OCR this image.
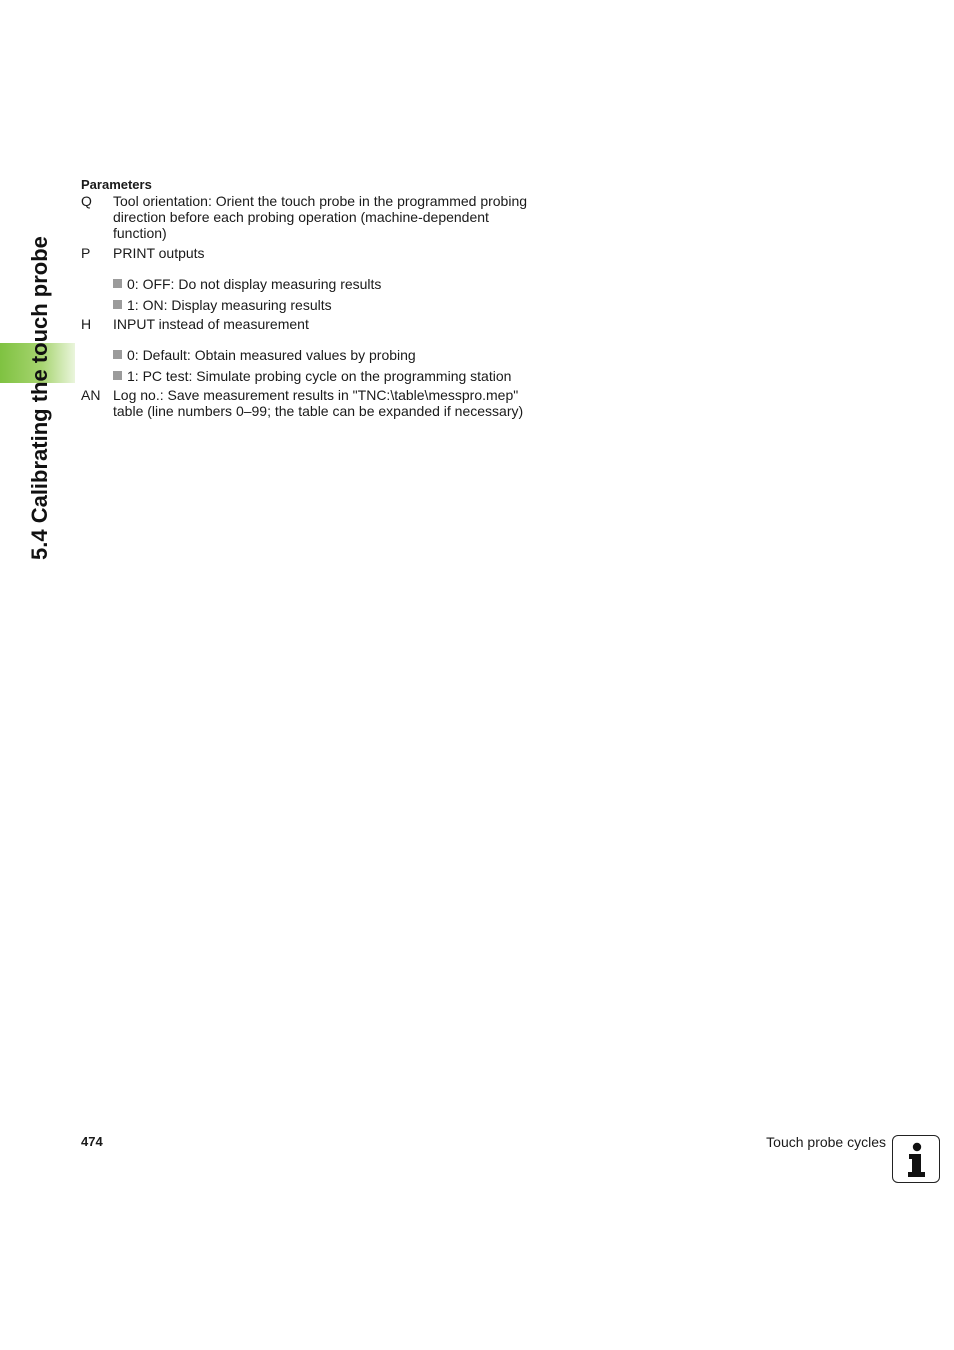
5.4 Calibrating the touch probe
Parameters
Q	Tool orientation: Orient the touch probe in the programmed probing direction before each probing operation (machine-dependent function)
P	PRINT outputs
0: OFF: Do not display measuring results
1: ON: Display measuring results
H	INPUT instead of measurement
0: Default: Obtain measured values by probing
1: PC test: Simulate probing cycle on the programming station
AN Log no.: Save measurement results in "TNC:\table\messpro.mep" table (line numbers 0–99; the table can be expanded if necessary)
474	Touch probe cycles
